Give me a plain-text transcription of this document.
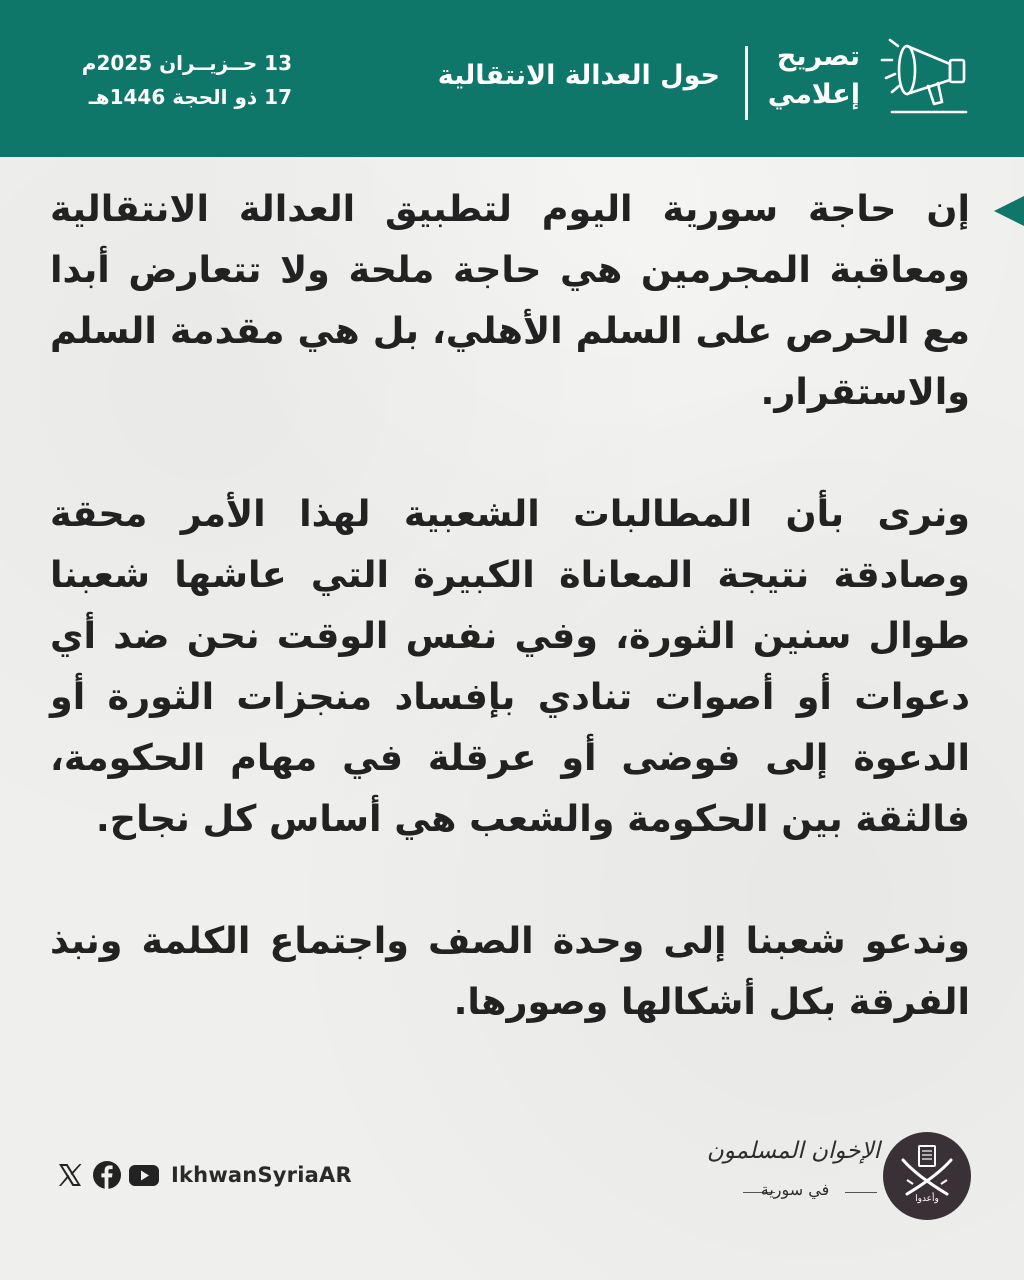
تصريح
إعلامي
حول العدالة الانتقالية
13 حــزيــران 2025م
17 ذو الحجة 1446هـ

إن حاجة سورية اليوم لتطبيق العدالة الانتقالية ومعاقبة المجرمين هي حاجة ملحة ولا تتعارض أبدا مع الحرص على السلم الأهلي، بل هي مقدمة السلم والاستقرار.

ونرى بأن المطالبات الشعبية لهذا الأمر محقة وصادقة نتيجة المعاناة الكبيرة التي عاشها شعبنا طوال سنين الثورة، وفي نفس الوقت نحن ضد أي دعوات أو أصوات تنادي بإفساد منجزات الثورة أو الدعوة إلى فوضى أو عرقلة في مهام الحكومة، فالثقة بين الحكومة والشعب هي أساس كل نجاح.

وندعو شعبنا إلى وحدة الصف واجتماع الكلمة ونبذ الفرقة بكل أشكالها وصورها.

IkhwanSyriaAR
الإخوان المسلمون
في سورية	وأعدوا
